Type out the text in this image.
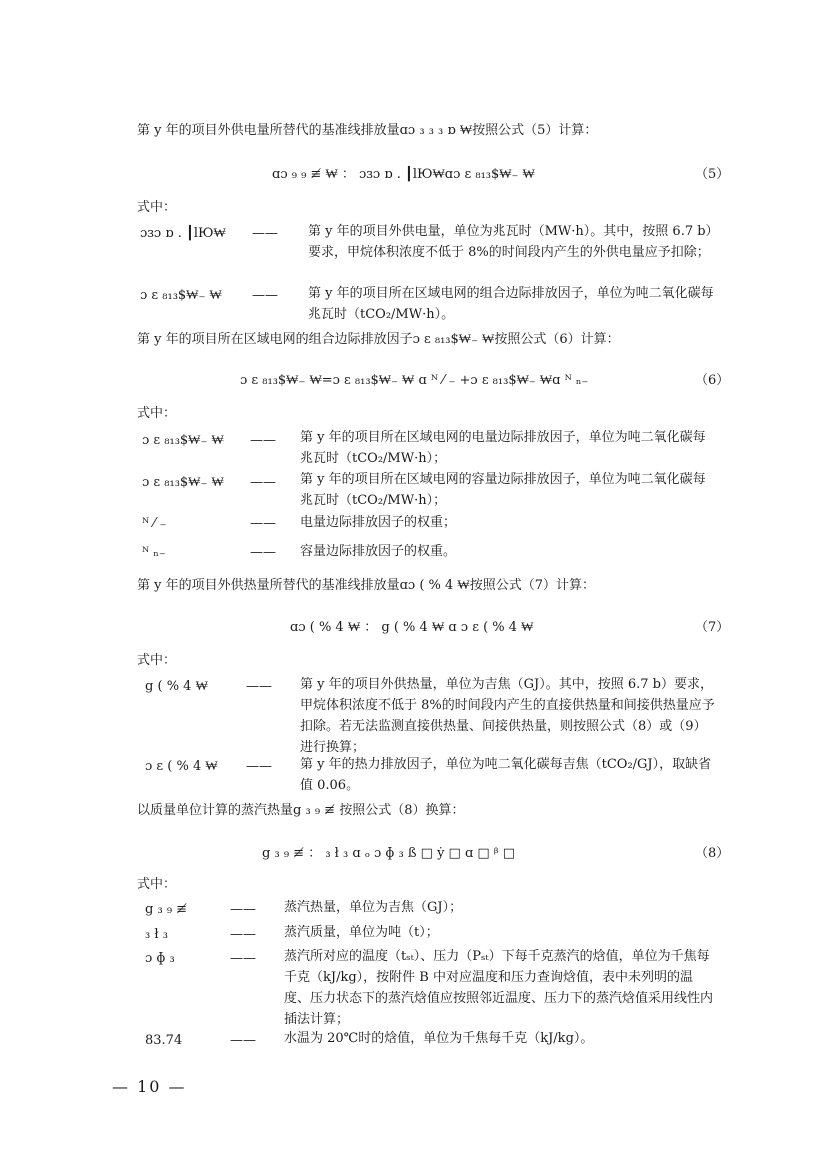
第 y 年的项目外供电量所替代的基准线排放量ɑɔ ₃ ₃ ₃ ɒ ₩按照公式（5）计算：
ɑɔ ₉ ₉ ≢ ₩ ： ɔɜɔ ɒ . ┃lЮ₩ɑɔ ɛ ₈₁₃$₩₋ ₩	（5）
式中：
ɔɜɔ ɒ . ┃lЮ₩ —— 第 y 年的项目外供电量，单位为兆瓦时（MW·h）。其中，按照 6.7 b）要求，甲烷体积浓度不低于 8%的时间段内产生的外供电量应予扣除；
ɔ ɛ ₈₁₃$₩₋ ₩ —— 第 y 年的项目所在区域电网的组合边际排放因子，单位为吨二氧化碳每兆瓦时（tCO₂/MW·h）。
第 y 年的项目所在区域电网的组合边际排放因子ɔ ɛ ₈₁₃$₩₋ ₩按照公式（6）计算：
ɔ ɛ ₈₁₃$₩₋ ₩=ɔ ɛ ₈₁₃$₩₋ ₩ ɑ ᴺ ⁄ ₋ +ɔ ɛ ₈₁₃$₩₋ ₩ɑ ᴺ ₙ₋	（6）
式中：
ɔ ɛ ₈₁₃$₩₋ ₩ —— 第 y 年的项目所在区域电网的电量边际排放因子，单位为吨二氧化碳每兆瓦时（tCO₂/MW·h）；
ɔ ɛ ₈₁₃$₩₋ ₩ —— 第 y 年的项目所在区域电网的容量边际排放因子，单位为吨二氧化碳每兆瓦时（tCO₂/MW·h）；
ᴺ ⁄ ₋	—— 电量边际排放因子的权重；
ᴺ ₙ₋	—— 容量边际排放因子的权重。
第 y 年的项目外供热量所替代的基准线排放量ɑɔ ( % 4 ₩按照公式（7）计算：
ɑɔ ( % 4 ₩ ： ց ( % 4 ₩ ɑ ɔ ɛ ( % 4 ₩	（7）
式中：
ց ( % 4 ₩	—— 第 y 年的项目外供热量，单位为吉焦（GJ）。其中，按照 6.7 b）要求，甲烷体积浓度不低于 8%的时间段内产生的直接供热量和间接供热量应予扣除。若无法监测直接供热量、间接供热量，则按照公式（8）或（9）进行换算；
ɔ ɛ ( % 4 ₩ —— 第 y 年的热力排放因子，单位为吨二氧化碳每吉焦（tCO₂/GJ），取缺省值 0.06。
以质量单位计算的蒸汽热量ց ₃ ₉ ≢ 按照公式（8）换算：
ց ₃ ₉ ≢ ： ₃ ł ₃ ɑ ₒ ɔ ɸ ₃ ß □ ẏ □ ɑ □ ᵝ □	（8）
式中：
ց ₃ ₉ ≢	—— 蒸汽热量，单位为吉焦（GJ）；
₃ ł ₃	—— 蒸汽质量，单位为吨（t）；
ɔ ɸ ₃	—— 蒸汽所对应的温度（tₛₜ）、压力（Pₛₜ）下每千克蒸汽的焓值，单位为千焦每千克（kJ/kg），按附件 B 中对应温度和压力查询焓值，表中未列明的温度、压力状态下的蒸汽焓值应按照邻近温度、压力下的蒸汽焓值采用线性内插法计算；
83.74	—— 水温为 20℃时的焓值，单位为千焦每千克（kJ/kg）。
— 10 —
